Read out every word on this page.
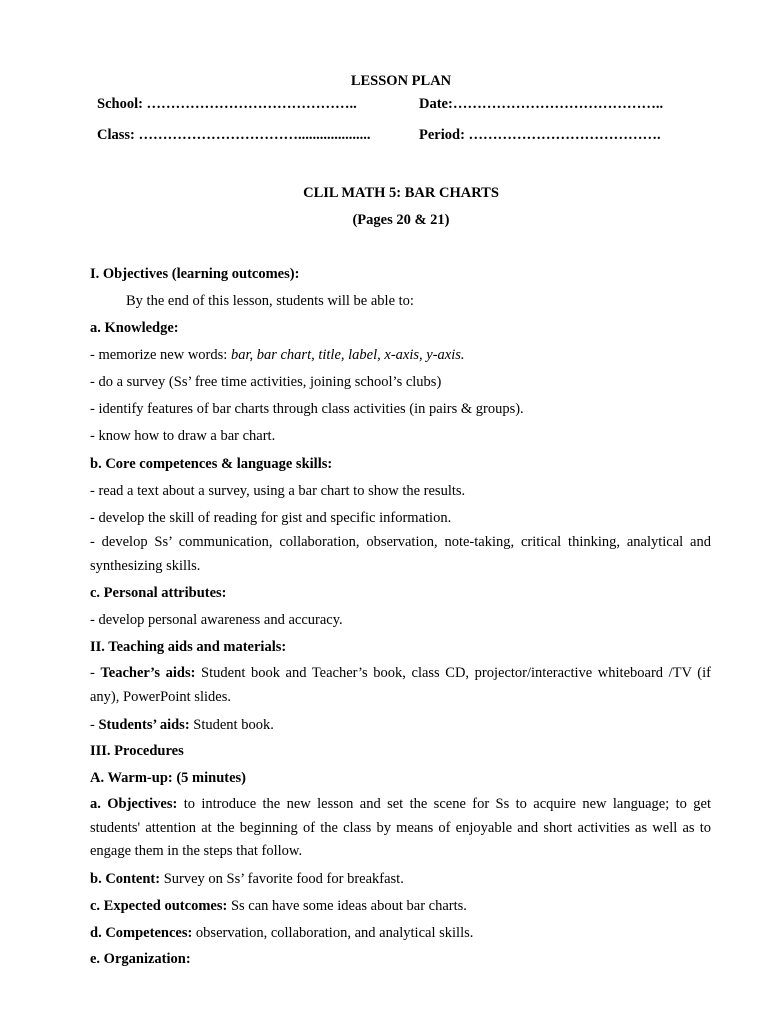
LESSON PLAN
School: ……………………………………..	Date:……………………………………..
Class: ……………………………....................	Period: ………………………………….
CLIL MATH 5: BAR CHARTS
(Pages 20 & 21)
I. Objectives (learning outcomes):
By the end of this lesson, students will be able to:
a. Knowledge:
- memorize new words: bar, bar chart, title, label, x-axis, y-axis.
- do a survey (Ss’ free time activities, joining school’s clubs)
- identify features of bar charts through class activities (in pairs & groups).
- know how to draw a bar chart.
b. Core competences & language skills:
- read a text about a survey, using a bar chart to show the results.
- develop the skill of reading for gist and specific information.
- develop Ss’ communication, collaboration, observation, note-taking, critical thinking, analytical and synthesizing skills.
c. Personal attributes:
- develop personal awareness and accuracy.
II. Teaching aids and materials:
- Teacher’s aids: Student book and Teacher’s book, class CD, projector/interactive whiteboard /TV (if any), PowerPoint slides.
- Students’ aids: Student book.
III. Procedures
A. Warm-up: (5 minutes)
a. Objectives: to introduce the new lesson and set the scene for Ss to acquire new language; to get students' attention at the beginning of the class by means of enjoyable and short activities as well as to engage them in the steps that follow.
b. Content: Survey on Ss’ favorite food for breakfast.
c. Expected outcomes: Ss can have some ideas about bar charts.
d. Competences: observation, collaboration, and analytical skills.
e. Organization:
